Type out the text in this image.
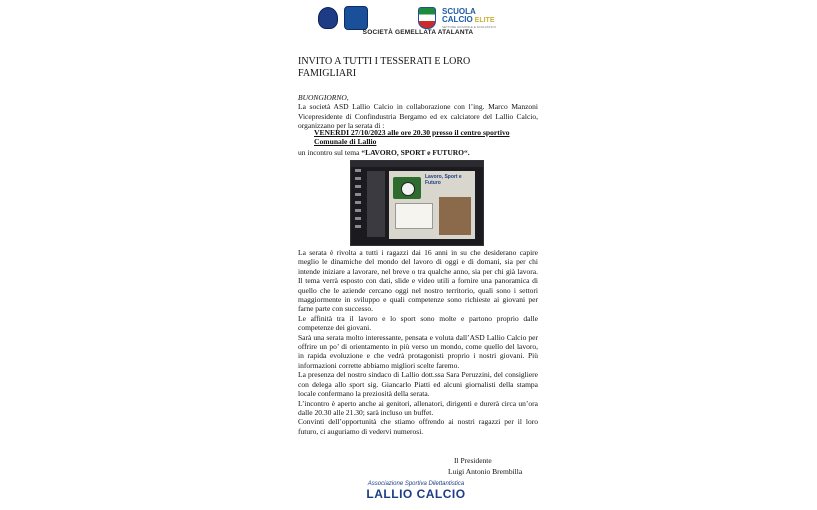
SCUOLA
CALCIO ELITE
SETTORE GIOVANILE E SCOLASTICO
SOCIETÀ GEMELLATA ATALANTA
INVITO A TUTTI I TESSERATI E LORO FAMIGLIARI

BUONGIORNO,

La società ASD Lallio Calcio in collaborazione con l’ing. Marco Manzoni Vicepresidente di Confindustria Bergamo ed ex calciatore del Lallio Calcio, organizzano per la serata di :

VENERDI 27/10/2023 alle ore 20.30 presso il centro sportivo Comunale di Lallio
un incontro sul tema “LAVORO, SPORT e FUTURO“.
Lavoro, Sport e Futuro

La serata è rivolta a tutti i ragazzi dai 16 anni in su che desiderano capire meglio le dinamiche del mondo del lavoro di oggi e di domani, sia per chi intende iniziare a lavorare, nel breve o tra qualche anno, sia per chi già lavora. Il tema verrà esposto con dati, slide e video utili a fornire una panoramica di quello che le aziende cercano oggi nel nostro territorio, quali sono i settori maggiormente in sviluppo e quali competenze sono richieste ai giovani per farne parte con successo.

Le affinità tra il lavoro e lo sport sono molte e partono proprio dalle competenze dei giovani.

Sarà una serata molto interessante, pensata e voluta dall’ASD Lallio Calcio per offrire un po’ di orientamento in più verso un mondo, come quello del lavoro, in rapida evoluzione e che vedrà protagonisti proprio i nostri giovani. Più informazioni corrette abbiamo migliori scelte faremo.

La presenza del nostro sindaco di Lallio dott.ssa Sara Peruzzini, del consigliere con delega allo sport sig. Giancarlo Piatti ed alcuni giornalisti della stampa locale confermano la preziosità della serata.

L’incontro è aperto anche ai genitori, allenatori, dirigenti e durerà circa un’ora dalle 20.30 alle 21.30; sarà incluso un buffet.

Convinti dell’opportunità che stiamo offrendo ai nostri ragazzi per il loro futuro, ci auguriamo di vedervi numerosi.

Il Presidente
Luigi Antonio Brembilla
Associazione Sportiva Dilettantistica
LALLIO CALCIO
